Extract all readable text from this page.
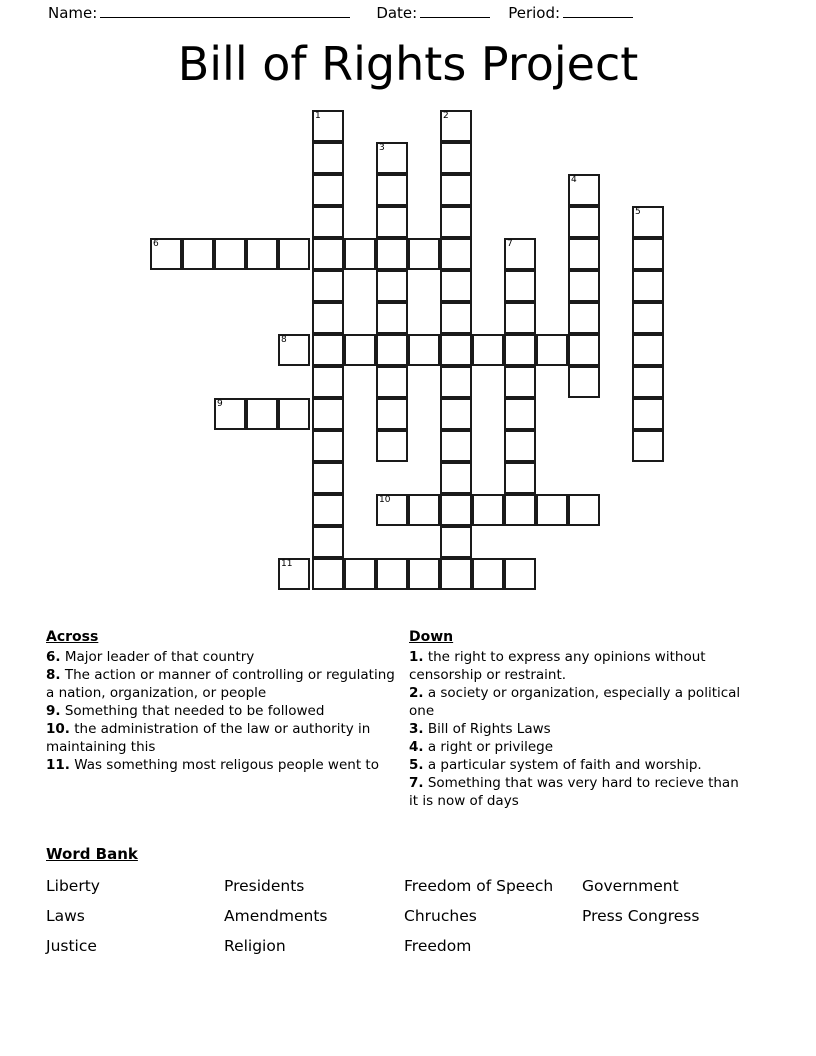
Name:	Date:	Period:
Bill of Rights Project
1	2
3
4
5
6	7
8
9
10
11
Across
6. Major leader of that country
8. The action or manner of controlling or regulating a nation, organization, or people
9. Something that needed to be followed
10. the administration of the law or authority in maintaining this
11. Was something most religous people went to
Down
1. the right to express any opinions without censorship or restraint.
2. a society or organization, especially a political one
3. Bill of Rights Laws
4. a right or privilege
5. a particular system of faith and worship.
7. Something that was very hard to recieve than it is now of days
Word Bank
Liberty	Presidents	Freedom of Speech	Government
Laws	Amendments	Chruches	Press Congress
Justice	Religion	Freedom	
